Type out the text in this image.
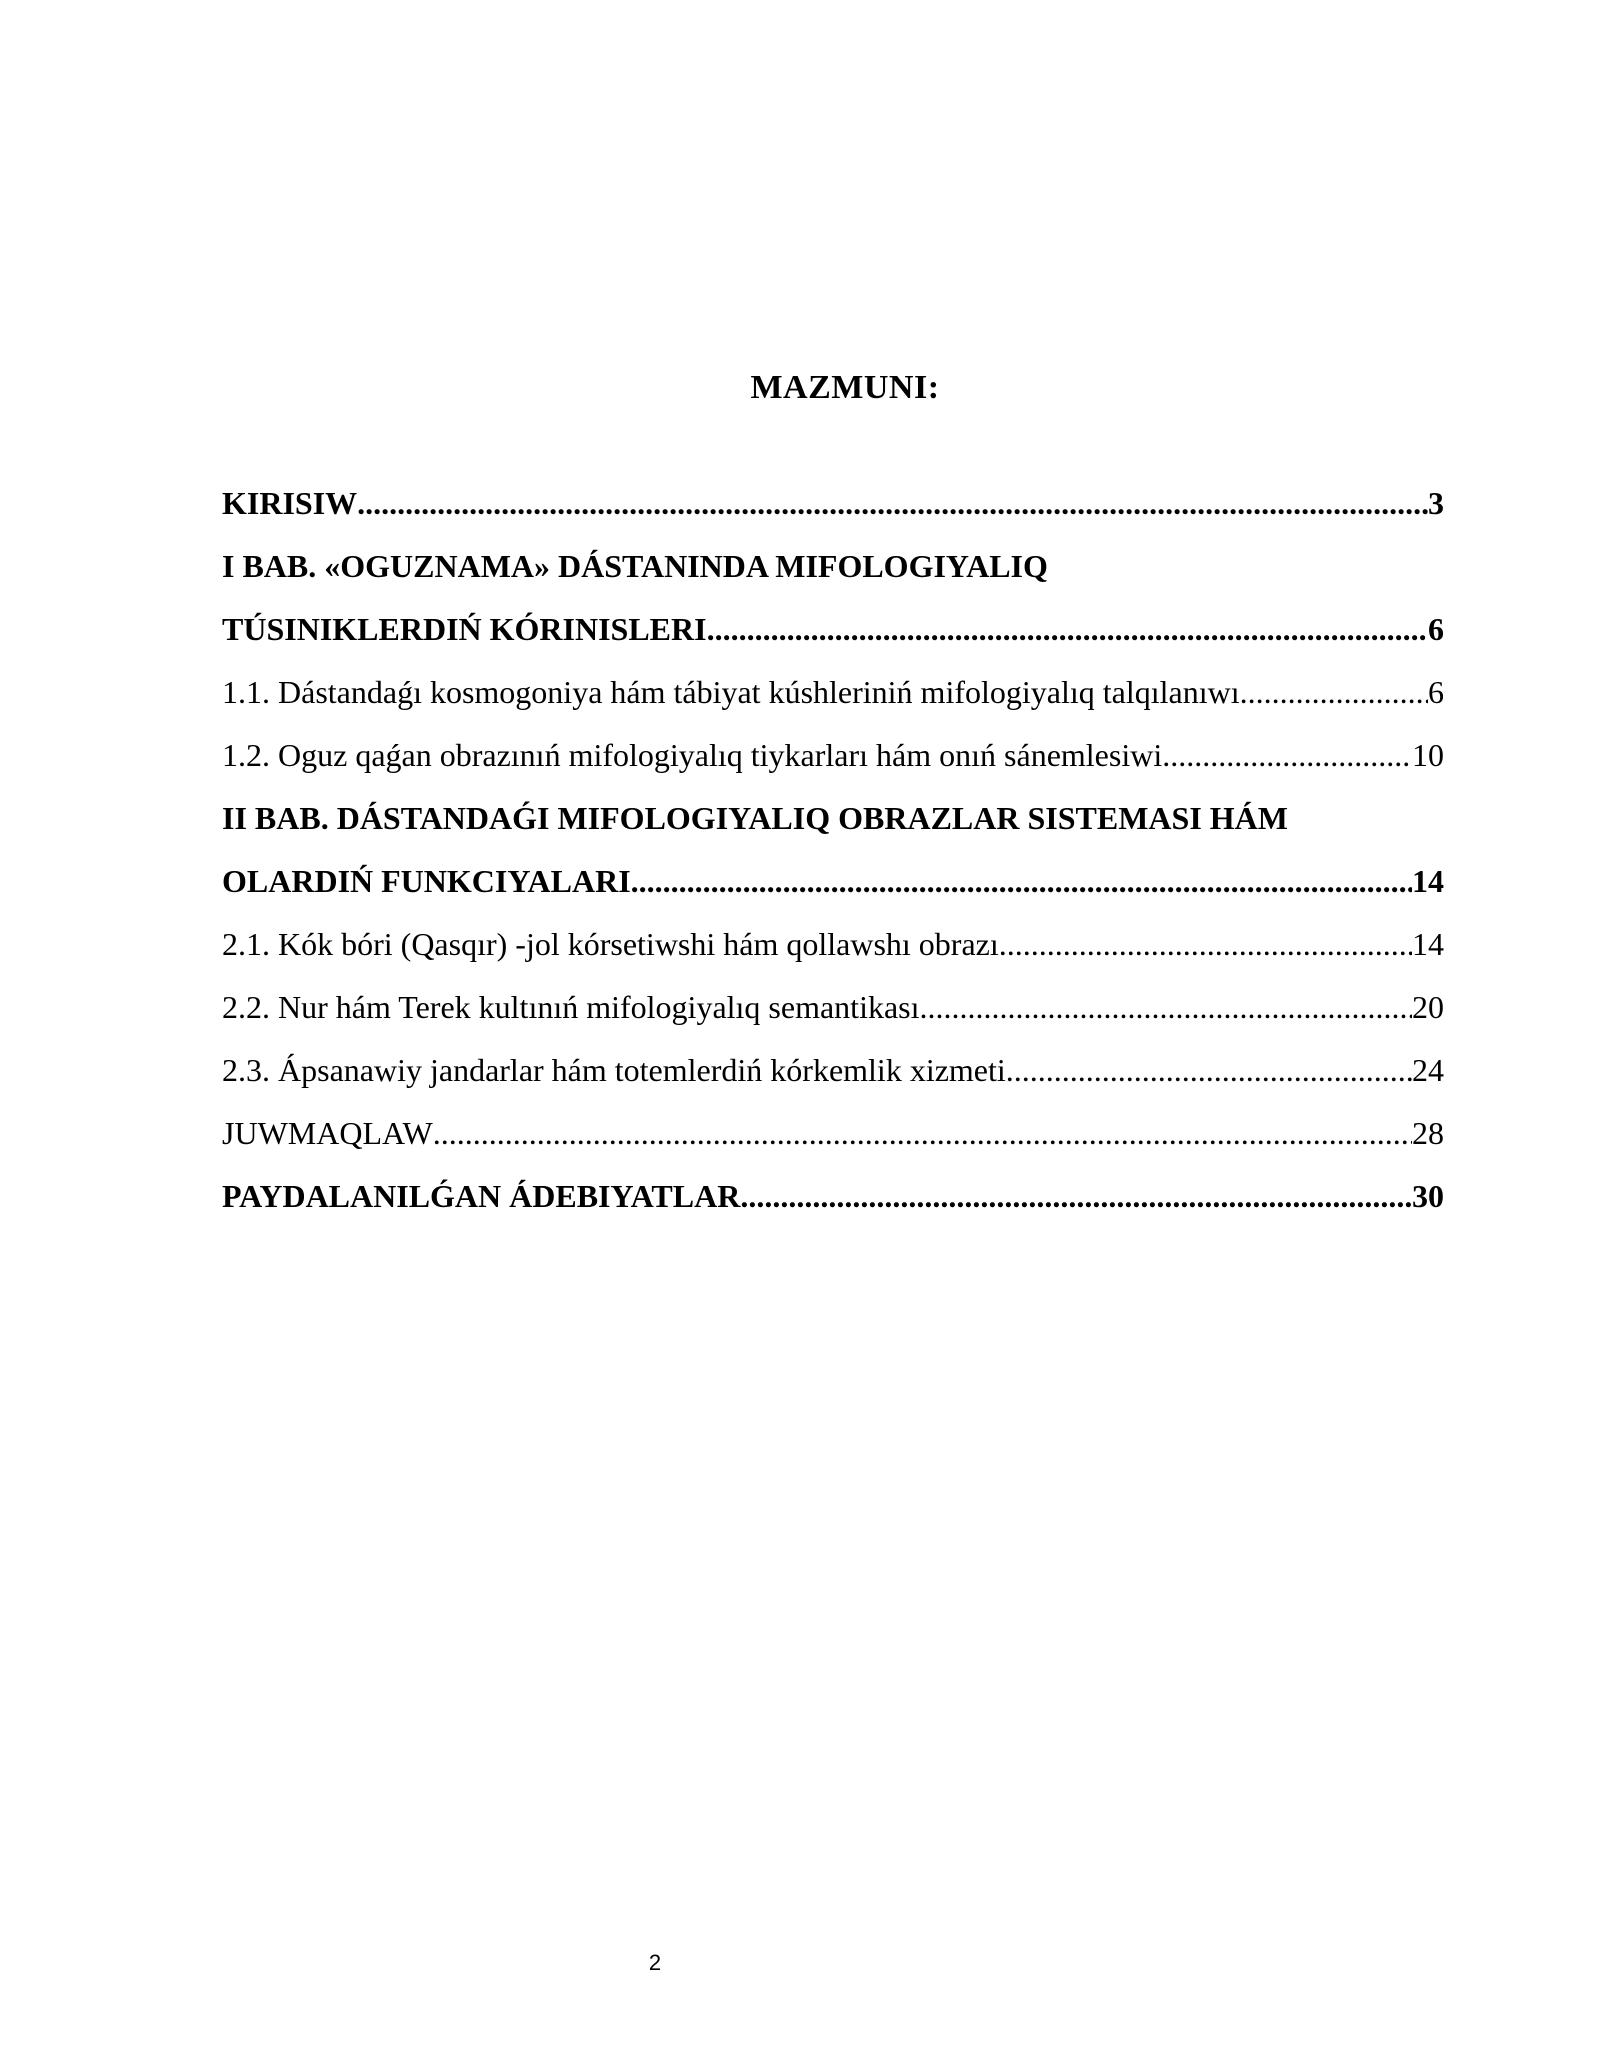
MAZMUNI:
KIRISIW .....	3
I BAB. «OGUZNAMA» DÁSTANINDA MIFOLOGIYALIQ
TÚSINIKLERDIŃ KÓRINISLERI .....	6
1.1. Dástandaǵı kosmogoniya hám tábiyat kúshleriniń mifologiyalıq talqılanıwı .....	6
1.2. Oguz qaǵan obrazınıń mifologiyalıq tiykarları hám onıń sánemlesiwi .....	10
II BAB. DÁSTANDAǴI MIFOLOGIYALIQ OBRAZLAR SISTEMASI HÁM
OLARDIŃ FUNKCIYALARI .....	14
2.1. Kók bóri (Qasqır) -jol kórsetiwshi hám qollawshı obrazı .....	14
2.2. Nur hám Terek kultınıń mifologiyalıq semantikası .....	20
2.3. Ápsanawiy jandarlar hám totemlerdiń kórkemlik xizmeti .....	24
JUWMAQLAW .....	28
PAYDALANILǴAN ÁDEBIYATLAR .....	30
2
